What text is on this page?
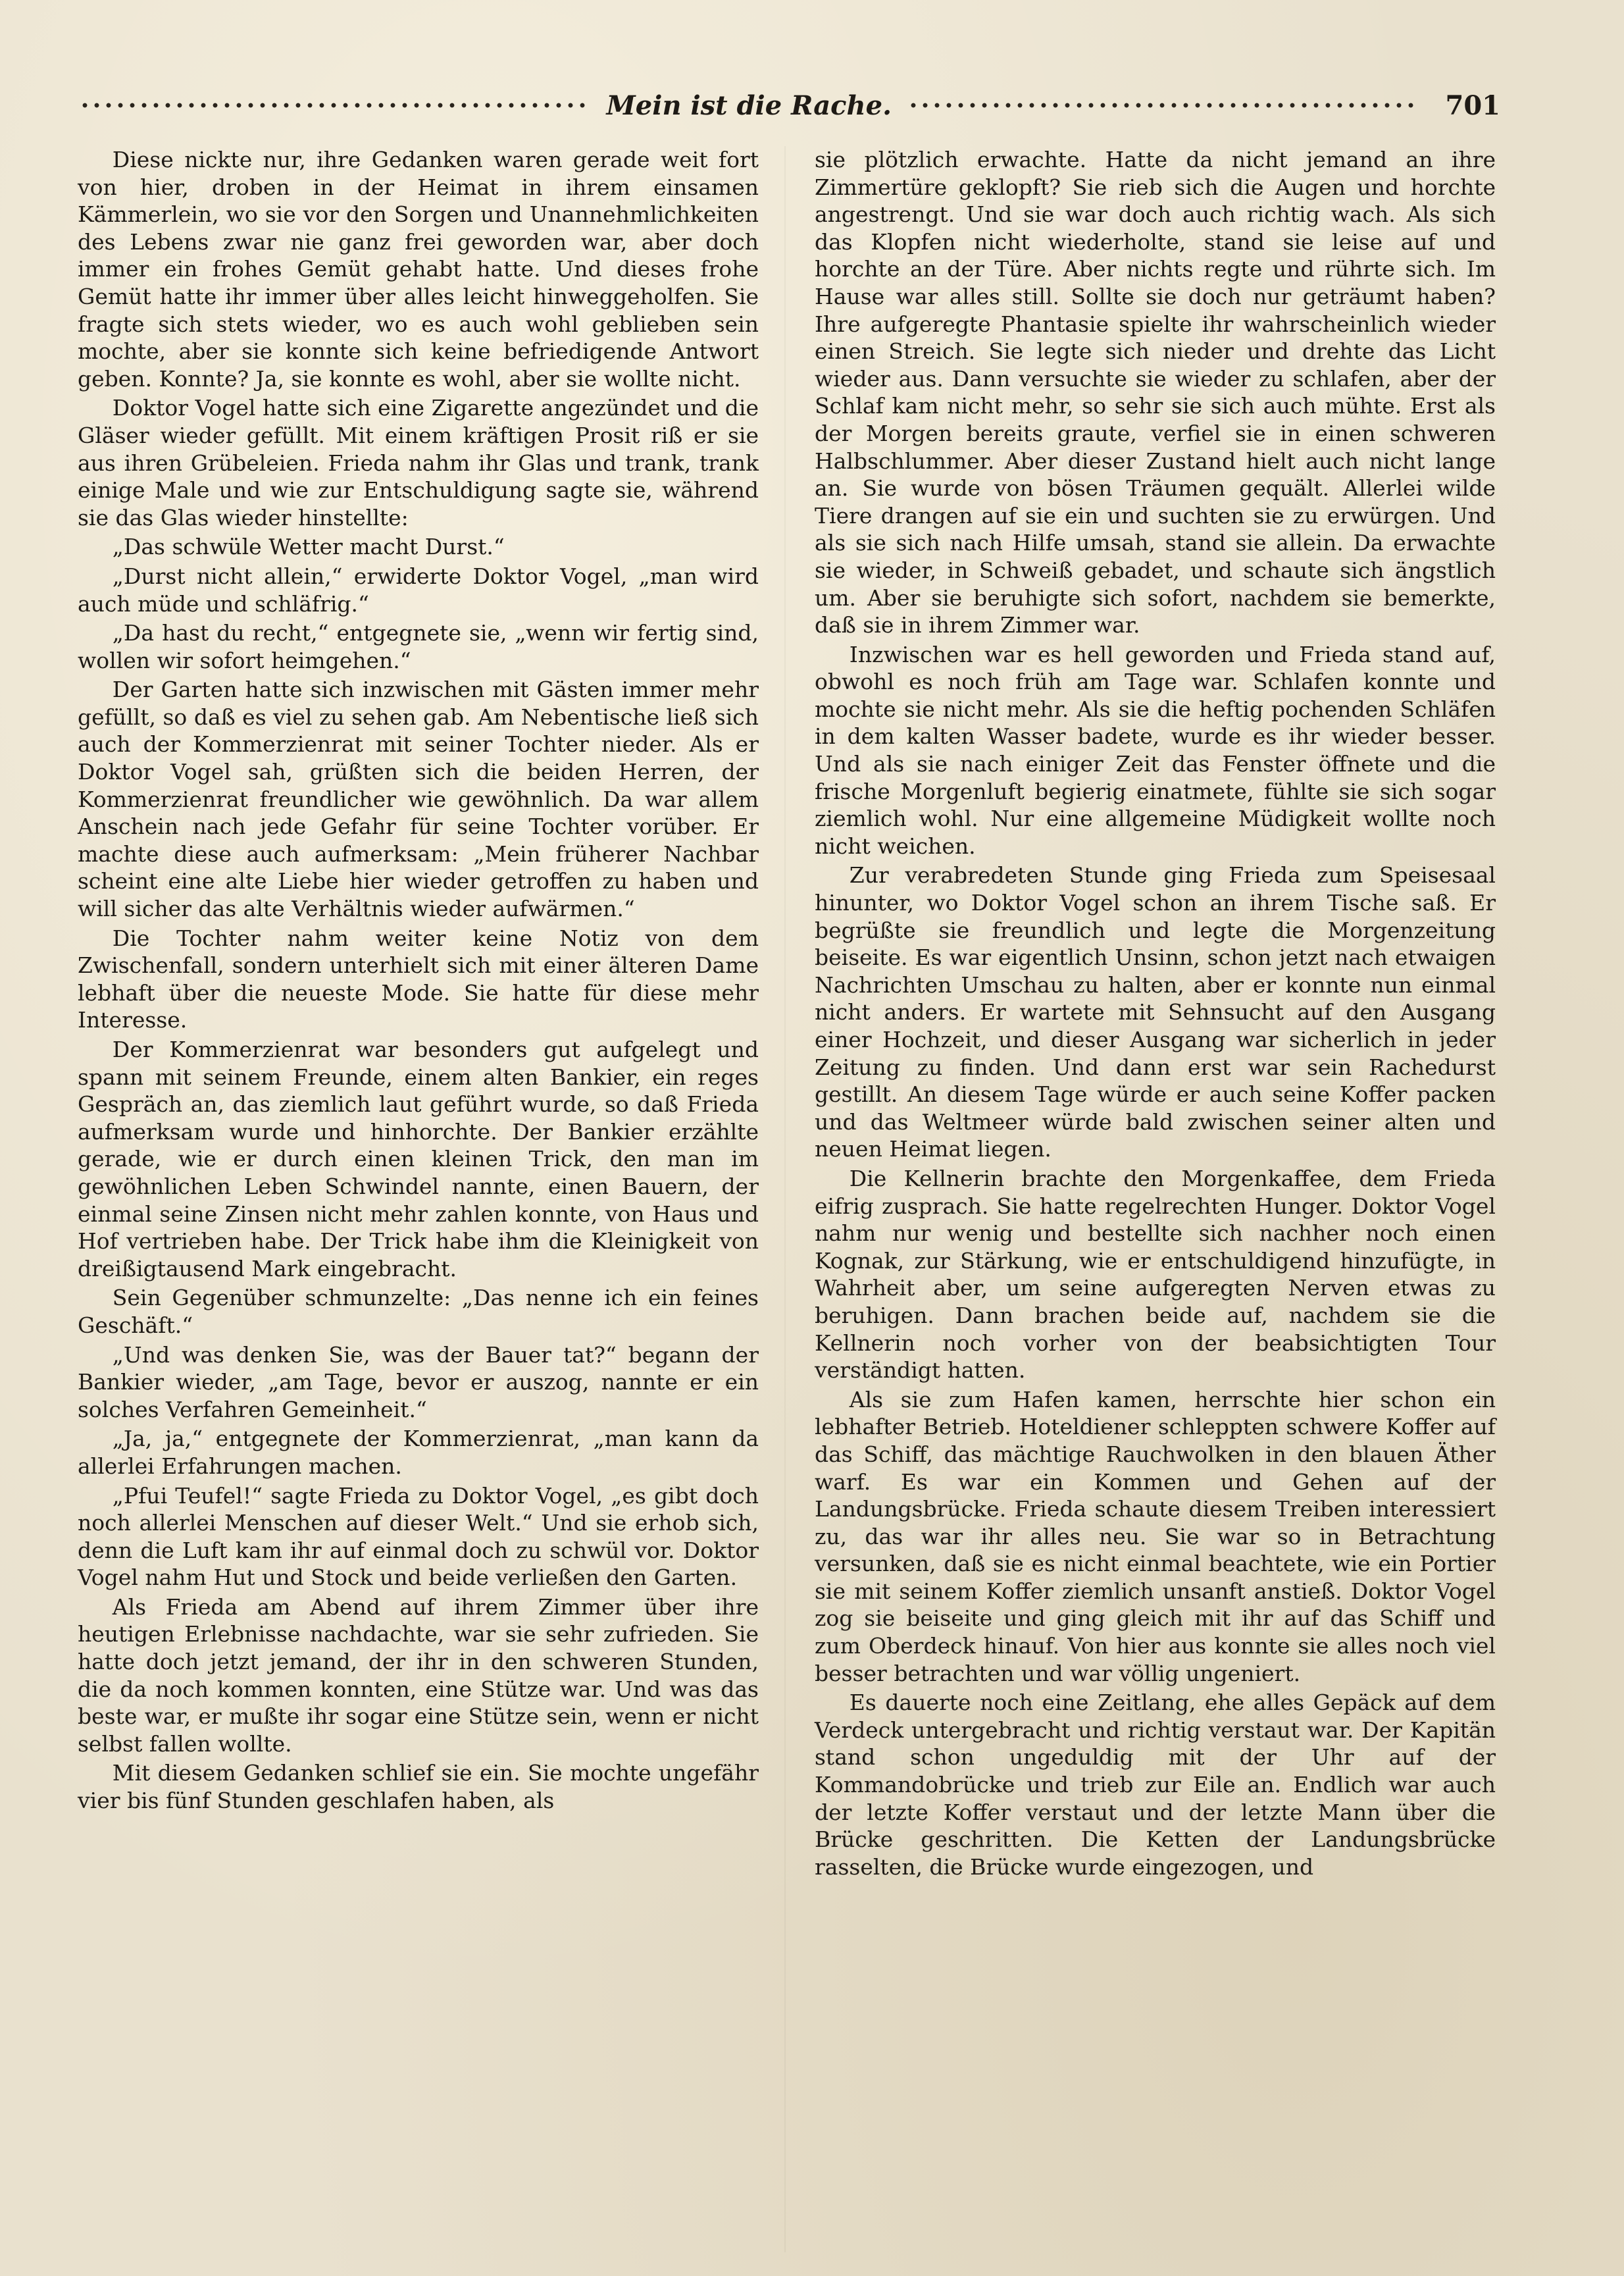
Mein ist die Rache.	701

Diese nickte nur, ihre Gedanken waren gerade weit fort von hier, droben in der Heimat in ihrem einsamen Kämmerlein, wo sie vor den Sorgen und Unannehmlichkeiten des Lebens zwar nie ganz frei geworden war, aber doch immer ein frohes Gemüt gehabt hatte. Und dieses frohe Gemüt hatte ihr immer über alles leicht hinweggeholfen. Sie fragte sich stets wieder, wo es auch wohl geblieben sein mochte, aber sie konnte sich keine befriedigende Antwort geben. Konnte? Ja, sie konnte es wohl, aber sie wollte nicht.

Doktor Vogel hatte sich eine Zigarette angezündet und die Gläser wieder gefüllt. Mit einem kräftigen Prosit riß er sie aus ihren Grübeleien. Frieda nahm ihr Glas und trank, trank einige Male und wie zur Entschuldigung sagte sie, während sie das Glas wieder hinstellte:

„Das schwüle Wetter macht Durst.“

„Durst nicht allein,“ erwiderte Doktor Vogel, „man wird auch müde und schläfrig.“

„Da hast du recht,“ entgegnete sie, „wenn wir fertig sind, wollen wir sofort heimgehen.“

Der Garten hatte sich inzwischen mit Gästen immer mehr gefüllt, so daß es viel zu sehen gab. Am Nebentische ließ sich auch der Kommerzienrat mit seiner Tochter nieder. Als er Doktor Vogel sah, grüßten sich die beiden Herren, der Kommerzienrat freundlicher wie gewöhnlich. Da war allem Anschein nach jede Gefahr für seine Tochter vorüber. Er machte diese auch aufmerksam: „Mein früherer Nachbar scheint eine alte Liebe hier wieder getroffen zu haben und will sicher das alte Verhältnis wieder aufwärmen.“

Die Tochter nahm weiter keine Notiz von dem Zwischenfall, sondern unterhielt sich mit einer älteren Dame lebhaft über die neueste Mode. Sie hatte für diese mehr Interesse.

Der Kommerzienrat war besonders gut aufgelegt und spann mit seinem Freunde, einem alten Bankier, ein reges Gespräch an, das ziemlich laut geführt wurde, so daß Frieda aufmerksam wurde und hinhorchte. Der Bankier erzählte gerade, wie er durch einen kleinen Trick, den man im gewöhnlichen Leben Schwindel nannte, einen Bauern, der einmal seine Zinsen nicht mehr zahlen konnte, von Haus und Hof vertrieben habe. Der Trick habe ihm die Kleinigkeit von dreißigtausend Mark eingebracht.

Sein Gegenüber schmunzelte: „Das nenne ich ein feines Geschäft.“

„Und was denken Sie, was der Bauer tat?“ begann der Bankier wieder, „am Tage, bevor er auszog, nannte er ein solches Verfahren Gemeinheit.“

„Ja, ja,“ entgegnete der Kommerzienrat, „man kann da allerlei Erfahrungen machen.

„Pfui Teufel!“ sagte Frieda zu Doktor Vogel, „es gibt doch noch allerlei Menschen auf dieser Welt.“ Und sie erhob sich, denn die Luft kam ihr auf einmal doch zu schwül vor. Doktor Vogel nahm Hut und Stock und beide verließen den Garten.

Als Frieda am Abend auf ihrem Zimmer über ihre heutigen Erlebnisse nachdachte, war sie sehr zufrieden. Sie hatte doch jetzt jemand, der ihr in den schweren Stunden, die da noch kommen konnten, eine Stütze war. Und was das beste war, er mußte ihr sogar eine Stütze sein, wenn er nicht selbst fallen wollte.

Mit diesem Gedanken schlief sie ein. Sie mochte ungefähr vier bis fünf Stunden geschlafen haben, als

sie plötzlich erwachte. Hatte da nicht jemand an ihre Zimmertüre geklopft? Sie rieb sich die Augen und horchte angestrengt. Und sie war doch auch richtig wach. Als sich das Klopfen nicht wiederholte, stand sie leise auf und horchte an der Türe. Aber nichts regte und rührte sich. Im Hause war alles still. Sollte sie doch nur geträumt haben? Ihre aufgeregte Phantasie spielte ihr wahrscheinlich wieder einen Streich. Sie legte sich nieder und drehte das Licht wieder aus. Dann versuchte sie wieder zu schlafen, aber der Schlaf kam nicht mehr, so sehr sie sich auch mühte. Erst als der Morgen bereits graute, verfiel sie in einen schweren Halbschlummer. Aber dieser Zustand hielt auch nicht lange an. Sie wurde von bösen Träumen gequält. Allerlei wilde Tiere drangen auf sie ein und suchten sie zu erwürgen. Und als sie sich nach Hilfe umsah, stand sie allein. Da erwachte sie wieder, in Schweiß gebadet, und schaute sich ängstlich um. Aber sie beruhigte sich sofort, nachdem sie bemerkte, daß sie in ihrem Zimmer war.

Inzwischen war es hell geworden und Frieda stand auf, obwohl es noch früh am Tage war. Schlafen konnte und mochte sie nicht mehr. Als sie die heftig pochenden Schläfen in dem kalten Wasser badete, wurde es ihr wieder besser. Und als sie nach einiger Zeit das Fenster öffnete und die frische Morgenluft begierig einatmete, fühlte sie sich sogar ziemlich wohl. Nur eine allgemeine Müdigkeit wollte noch nicht weichen.

Zur verabredeten Stunde ging Frieda zum Speisesaal hinunter, wo Doktor Vogel schon an ihrem Tische saß. Er begrüßte sie freundlich und legte die Morgenzeitung beiseite. Es war eigentlich Unsinn, schon jetzt nach etwaigen Nachrichten Umschau zu halten, aber er konnte nun einmal nicht anders. Er wartete mit Sehnsucht auf den Ausgang einer Hochzeit, und dieser Ausgang war sicherlich in jeder Zeitung zu finden. Und dann erst war sein Rachedurst gestillt. An diesem Tage würde er auch seine Koffer packen und das Weltmeer würde bald zwischen seiner alten und neuen Heimat liegen.

Die Kellnerin brachte den Morgenkaffee, dem Frieda eifrig zusprach. Sie hatte regelrechten Hunger. Doktor Vogel nahm nur wenig und bestellte sich nachher noch einen Kognak, zur Stärkung, wie er entschuldigend hinzufügte, in Wahrheit aber, um seine aufgeregten Nerven etwas zu beruhigen. Dann brachen beide auf, nachdem sie die Kellnerin noch vorher von der beabsichtigten Tour verständigt hatten.

Als sie zum Hafen kamen, herrschte hier schon ein lebhafter Betrieb. Hoteldiener schleppten schwere Koffer auf das Schiff, das mächtige Rauchwolken in den blauen Äther warf. Es war ein Kommen und Gehen auf der Landungsbrücke. Frieda schaute diesem Treiben interessiert zu, das war ihr alles neu. Sie war so in Betrachtung versunken, daß sie es nicht einmal beachtete, wie ein Portier sie mit seinem Koffer ziemlich unsanft anstieß. Doktor Vogel zog sie beiseite und ging gleich mit ihr auf das Schiff und zum Oberdeck hinauf. Von hier aus konnte sie alles noch viel besser betrachten und war völlig ungeniert.

Es dauerte noch eine Zeitlang, ehe alles Gepäck auf dem Verdeck untergebracht und richtig verstaut war. Der Kapitän stand schon ungeduldig mit der Uhr auf der Kommandobrücke und trieb zur Eile an. Endlich war auch der letzte Koffer verstaut und der letzte Mann über die Brücke geschritten. Die Ketten der Landungsbrücke rasselten, die Brücke wurde eingezogen, und
